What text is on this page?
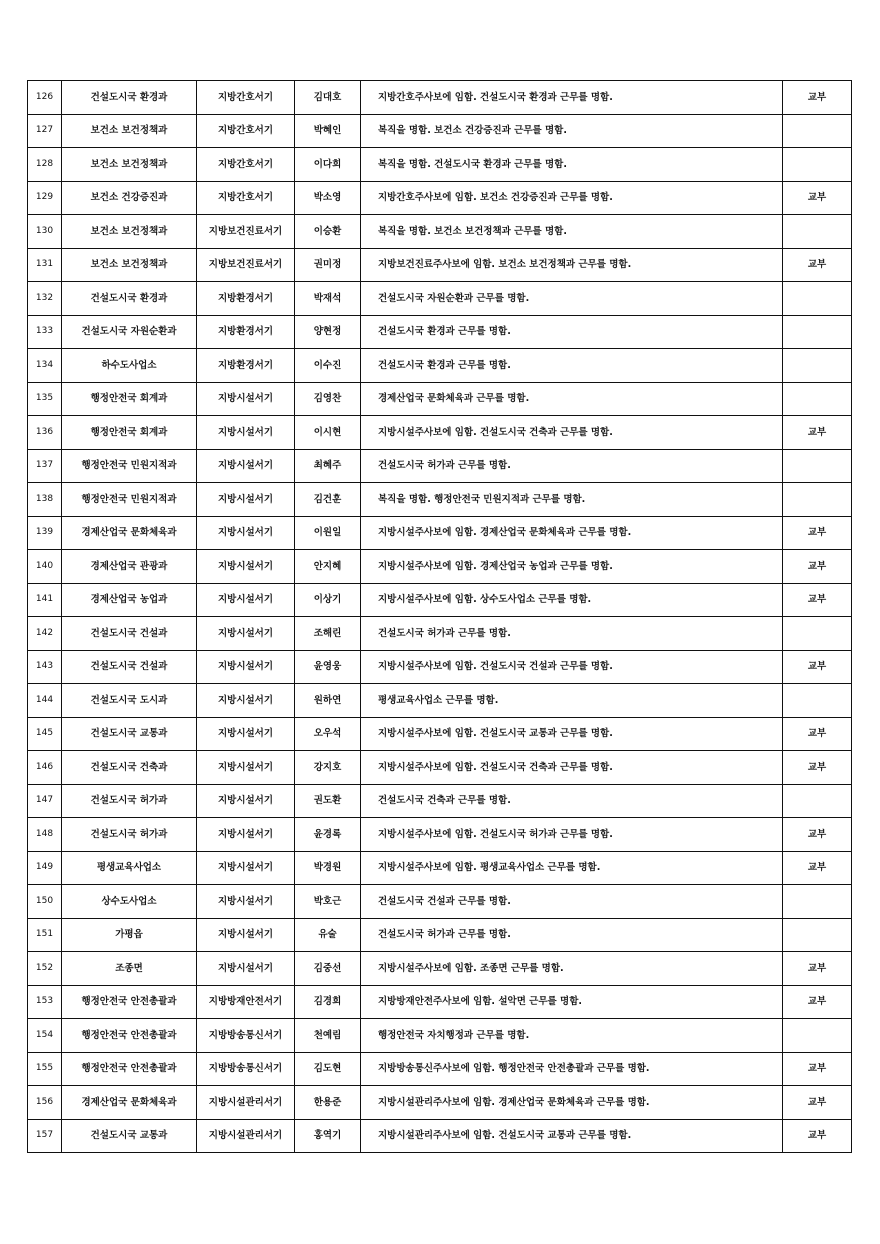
126	건설도시국 환경과	지방간호서기	김대호	지방간호주사보에 임함. 건설도시국 환경과 근무를 명함.	교부
127	보건소 보건정책과	지방간호서기	박혜인	복직을 명함. 보건소 건강증진과 근무를 명함.	
128	보건소 보건정책과	지방간호서기	이다희	복직을 명함. 건설도시국 환경과 근무를 명함.	
129	보건소 건강증진과	지방간호서기	박소영	지방간호주사보에 임함. 보건소 건강증진과 근무를 명함.	교부
130	보건소 보건정책과	지방보건진료서기	이승환	복직을 명함. 보건소 보건정책과 근무를 명함.	
131	보건소 보건정책과	지방보건진료서기	권미정	지방보건진료주사보에 임함. 보건소 보건정책과 근무를 명함.	교부
132	건설도시국 환경과	지방환경서기	박재석	건설도시국 자원순환과 근무를 명함.	
133	건설도시국 자원순환과	지방환경서기	양현정	건설도시국 환경과 근무를 명함.	
134	하수도사업소	지방환경서기	이수진	건설도시국 환경과 근무를 명함.	
135	행정안전국 회계과	지방시설서기	김영찬	경제산업국 문화체육과 근무를 명함.	
136	행정안전국 회계과	지방시설서기	이시현	지방시설주사보에 임함. 건설도시국 건축과 근무를 명함.	교부
137	행정안전국 민원지적과	지방시설서기	최혜주	건설도시국 허가과 근무를 명함.	
138	행정안전국 민원지적과	지방시설서기	김건훈	복직을 명함. 행정안전국 민원지적과 근무를 명함.	
139	경제산업국 문화체육과	지방시설서기	이원일	지방시설주사보에 임함. 경제산업국 문화체육과 근무를 명함.	교부
140	경제산업국 관광과	지방시설서기	안지혜	지방시설주사보에 임함. 경제산업국 농업과 근무를 명함.	교부
141	경제산업국 농업과	지방시설서기	이상기	지방시설주사보에 임함. 상수도사업소 근무를 명함.	교부
142	건설도시국 건설과	지방시설서기	조해린	건설도시국 허가과 근무를 명함.	
143	건설도시국 건설과	지방시설서기	윤영웅	지방시설주사보에 임함. 건설도시국 건설과 근무를 명함.	교부
144	건설도시국 도시과	지방시설서기	원하연	평생교육사업소 근무를 명함.	
145	건설도시국 교통과	지방시설서기	오우석	지방시설주사보에 임함. 건설도시국 교통과 근무를 명함.	교부
146	건설도시국 건축과	지방시설서기	강지호	지방시설주사보에 임함. 건설도시국 건축과 근무를 명함.	교부
147	건설도시국 허가과	지방시설서기	권도환	건설도시국 건축과 근무를 명함.	
148	건설도시국 허가과	지방시설서기	윤경록	지방시설주사보에 임함. 건설도시국 허가과 근무를 명함.	교부
149	평생교육사업소	지방시설서기	박경원	지방시설주사보에 임함. 평생교육사업소 근무를 명함.	교부
150	상수도사업소	지방시설서기	박호근	건설도시국 건설과 근무를 명함.	
151	가평읍	지방시설서기	유술	건설도시국 허가과 근무를 명함.	
152	조종면	지방시설서기	김중선	지방시설주사보에 임함. 조종면 근무를 명함.	교부
153	행정안전국 안전총괄과	지방방재안전서기	김경희	지방방재안전주사보에 임함. 설악면 근무를 명함.	교부
154	행정안전국 안전총괄과	지방방송통신서기	천예림	행정안전국 자치행정과 근무를 명함.	
155	행정안전국 안전총괄과	지방방송통신서기	김도현	지방방송통신주사보에 임함. 행정안전국 안전총괄과 근무를 명함.	교부
156	경제산업국 문화체육과	지방시설관리서기	한용준	지방시설관리주사보에 임함. 경제산업국 문화체육과 근무를 명함.	교부
157	건설도시국 교통과	지방시설관리서기	홍역기	지방시설관리주사보에 임함. 건설도시국 교통과 근무를 명함.	교부
